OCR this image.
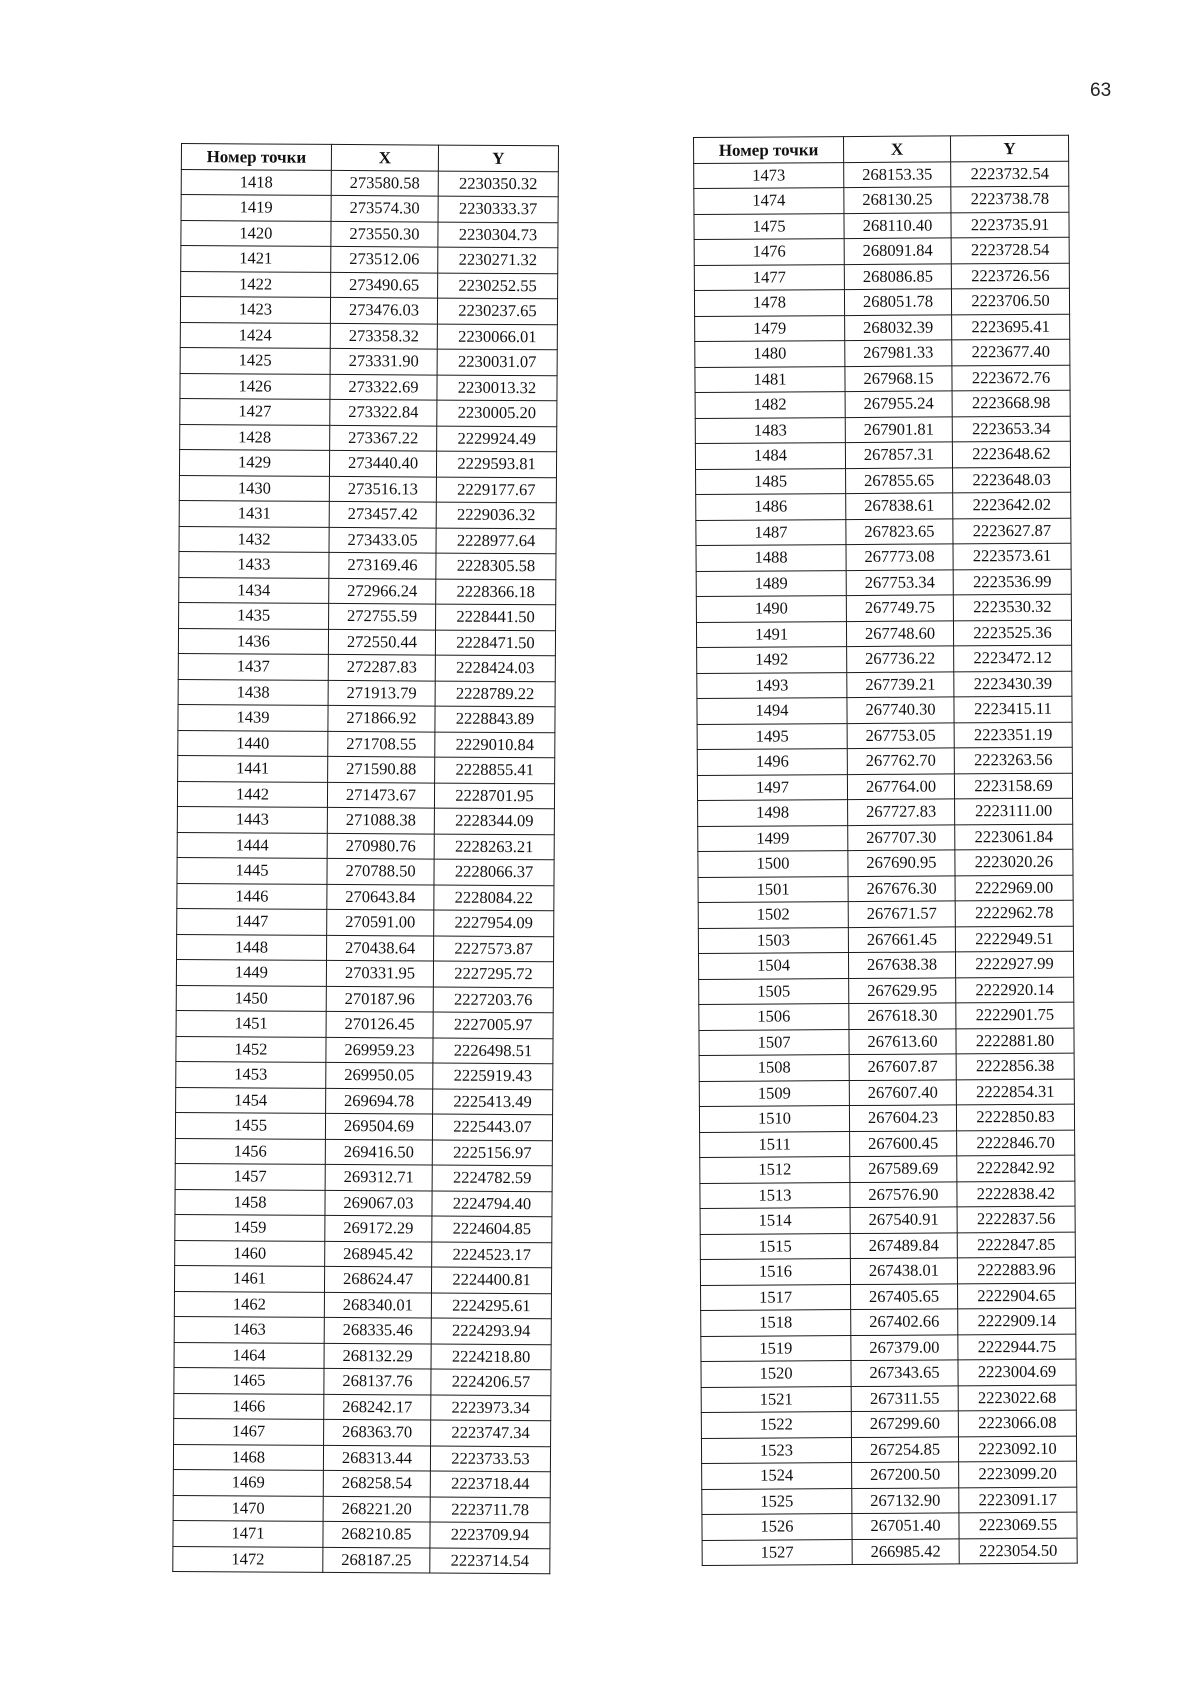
63
Номер точки	X	Y
1418	273580.58	2230350.32
1419	273574.30	2230333.37
1420	273550.30	2230304.73
1421	273512.06	2230271.32
1422	273490.65	2230252.55
1423	273476.03	2230237.65
1424	273358.32	2230066.01
1425	273331.90	2230031.07
1426	273322.69	2230013.32
1427	273322.84	2230005.20
1428	273367.22	2229924.49
1429	273440.40	2229593.81
1430	273516.13	2229177.67
1431	273457.42	2229036.32
1432	273433.05	2228977.64
1433	273169.46	2228305.58
1434	272966.24	2228366.18
1435	272755.59	2228441.50
1436	272550.44	2228471.50
1437	272287.83	2228424.03
1438	271913.79	2228789.22
1439	271866.92	2228843.89
1440	271708.55	2229010.84
1441	271590.88	2228855.41
1442	271473.67	2228701.95
1443	271088.38	2228344.09
1444	270980.76	2228263.21
1445	270788.50	2228066.37
1446	270643.84	2228084.22
1447	270591.00	2227954.09
1448	270438.64	2227573.87
1449	270331.95	2227295.72
1450	270187.96	2227203.76
1451	270126.45	2227005.97
1452	269959.23	2226498.51
1453	269950.05	2225919.43
1454	269694.78	2225413.49
1455	269504.69	2225443.07
1456	269416.50	2225156.97
1457	269312.71	2224782.59
1458	269067.03	2224794.40
1459	269172.29	2224604.85
1460	268945.42	2224523.17
1461	268624.47	2224400.81
1462	268340.01	2224295.61
1463	268335.46	2224293.94
1464	268132.29	2224218.80
1465	268137.76	2224206.57
1466	268242.17	2223973.34
1467	268363.70	2223747.34
1468	268313.44	2223733.53
1469	268258.54	2223718.44
1470	268221.20	2223711.78
1471	268210.85	2223709.94
1472	268187.25	2223714.54
Номер точки	X	Y
1473	268153.35	2223732.54
1474	268130.25	2223738.78
1475	268110.40	2223735.91
1476	268091.84	2223728.54
1477	268086.85	2223726.56
1478	268051.78	2223706.50
1479	268032.39	2223695.41
1480	267981.33	2223677.40
1481	267968.15	2223672.76
1482	267955.24	2223668.98
1483	267901.81	2223653.34
1484	267857.31	2223648.62
1485	267855.65	2223648.03
1486	267838.61	2223642.02
1487	267823.65	2223627.87
1488	267773.08	2223573.61
1489	267753.34	2223536.99
1490	267749.75	2223530.32
1491	267748.60	2223525.36
1492	267736.22	2223472.12
1493	267739.21	2223430.39
1494	267740.30	2223415.11
1495	267753.05	2223351.19
1496	267762.70	2223263.56
1497	267764.00	2223158.69
1498	267727.83	2223111.00
1499	267707.30	2223061.84
1500	267690.95	2223020.26
1501	267676.30	2222969.00
1502	267671.57	2222962.78
1503	267661.45	2222949.51
1504	267638.38	2222927.99
1505	267629.95	2222920.14
1506	267618.30	2222901.75
1507	267613.60	2222881.80
1508	267607.87	2222856.38
1509	267607.40	2222854.31
1510	267604.23	2222850.83
1511	267600.45	2222846.70
1512	267589.69	2222842.92
1513	267576.90	2222838.42
1514	267540.91	2222837.56
1515	267489.84	2222847.85
1516	267438.01	2222883.96
1517	267405.65	2222904.65
1518	267402.66	2222909.14
1519	267379.00	2222944.75
1520	267343.65	2223004.69
1521	267311.55	2223022.68
1522	267299.60	2223066.08
1523	267254.85	2223092.10
1524	267200.50	2223099.20
1525	267132.90	2223091.17
1526	267051.40	2223069.55
1527	266985.42	2223054.50
